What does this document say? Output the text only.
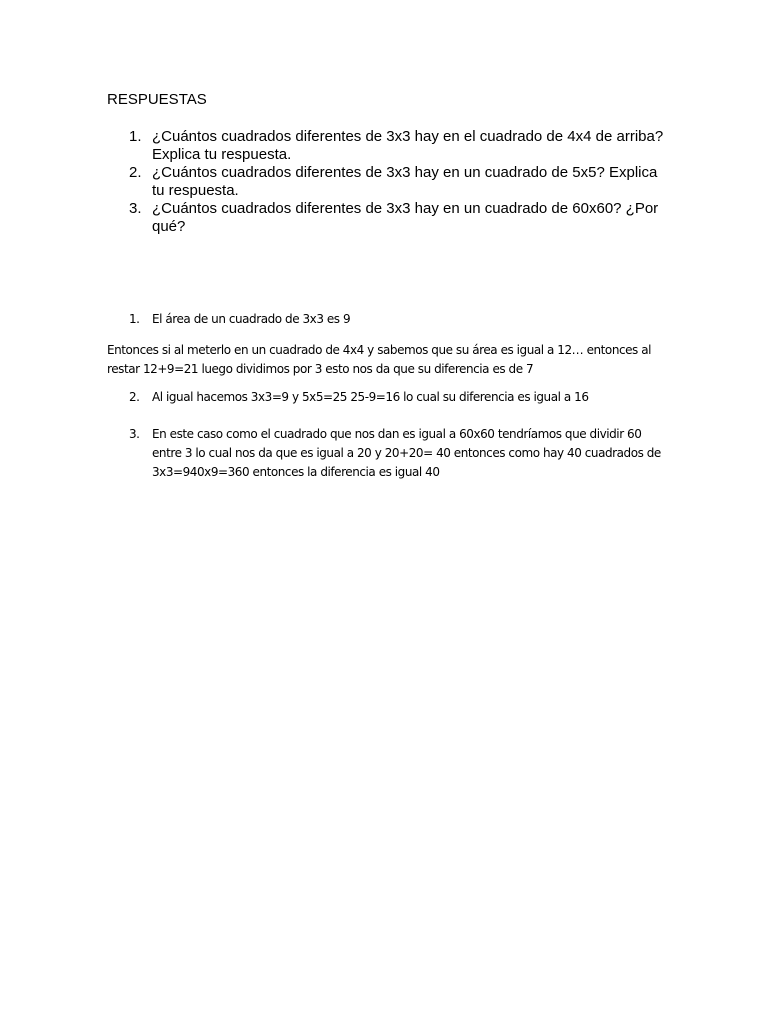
RESPUESTAS
1. ¿Cuántos cuadrados diferentes de 3x3 hay en el cuadrado de 4x4 de arriba? Explica tu respuesta.
2. ¿Cuántos cuadrados diferentes de 3x3 hay en un cuadrado de 5x5? Explica tu respuesta.
3. ¿Cuántos cuadrados diferentes de 3x3 hay en un cuadrado de 60x60? ¿Por qué?
1. El área de un cuadrado de 3x3 es 9

Entonces si al meterlo en un cuadrado de 4x4 y sabemos que su área es igual a 12… entonces al restar 12+9=21 luego dividimos por 3 esto nos da que su diferencia es de 7

2. Al igual hacemos 3x3=9 y 5x5=25 25-9=16 lo cual su diferencia es igual a 16
3. En este caso como el cuadrado que nos dan es igual a 60x60 tendríamos que dividir 60 entre 3 lo cual nos da que es igual a 20 y 20+20= 40 entonces como hay 40 cuadrados de 3x3=940x9=360 entonces la diferencia es igual 40
